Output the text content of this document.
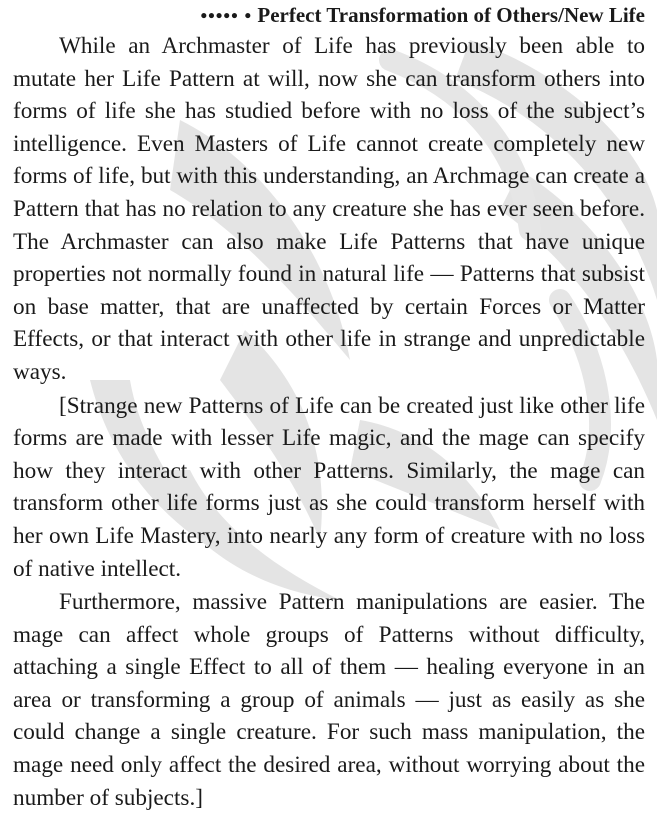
••••• • Perfect Transformation of Others/New Life

While an Archmaster of Life has previously been able to mutate her Life Pattern at will, now she can transform others into forms of life she has studied before with no loss of the subject’s intelligence. Even Masters of Life cannot create completely new forms of life, but with this understanding, an Archmage can create a Pattern that has no relation to any creature she has ever seen before. The Archmaster can also make Life Patterns that have unique properties not normally found in natural life — Patterns that subsist on base matter, that are unaffected by certain Forces or Matter Effects, or that interact with other life in strange and unpredictable ways.

[Strange new Patterns of Life can be created just like other life forms are made with lesser Life magic, and the mage can specify how they interact with other Patterns. Similarly, the mage can transform other life forms just as she could transform herself with her own Life Mastery, into nearly any form of creature with no loss of native intellect.

Furthermore, massive Pattern manipulations are easier. The mage can affect whole groups of Patterns without difficulty, attaching a single Effect to all of them — healing everyone in an area or transforming a group of animals — just as easily as she could change a single creature. For such mass manipulation, the mage need only affect the desired area, without worrying about the number of subjects.]
